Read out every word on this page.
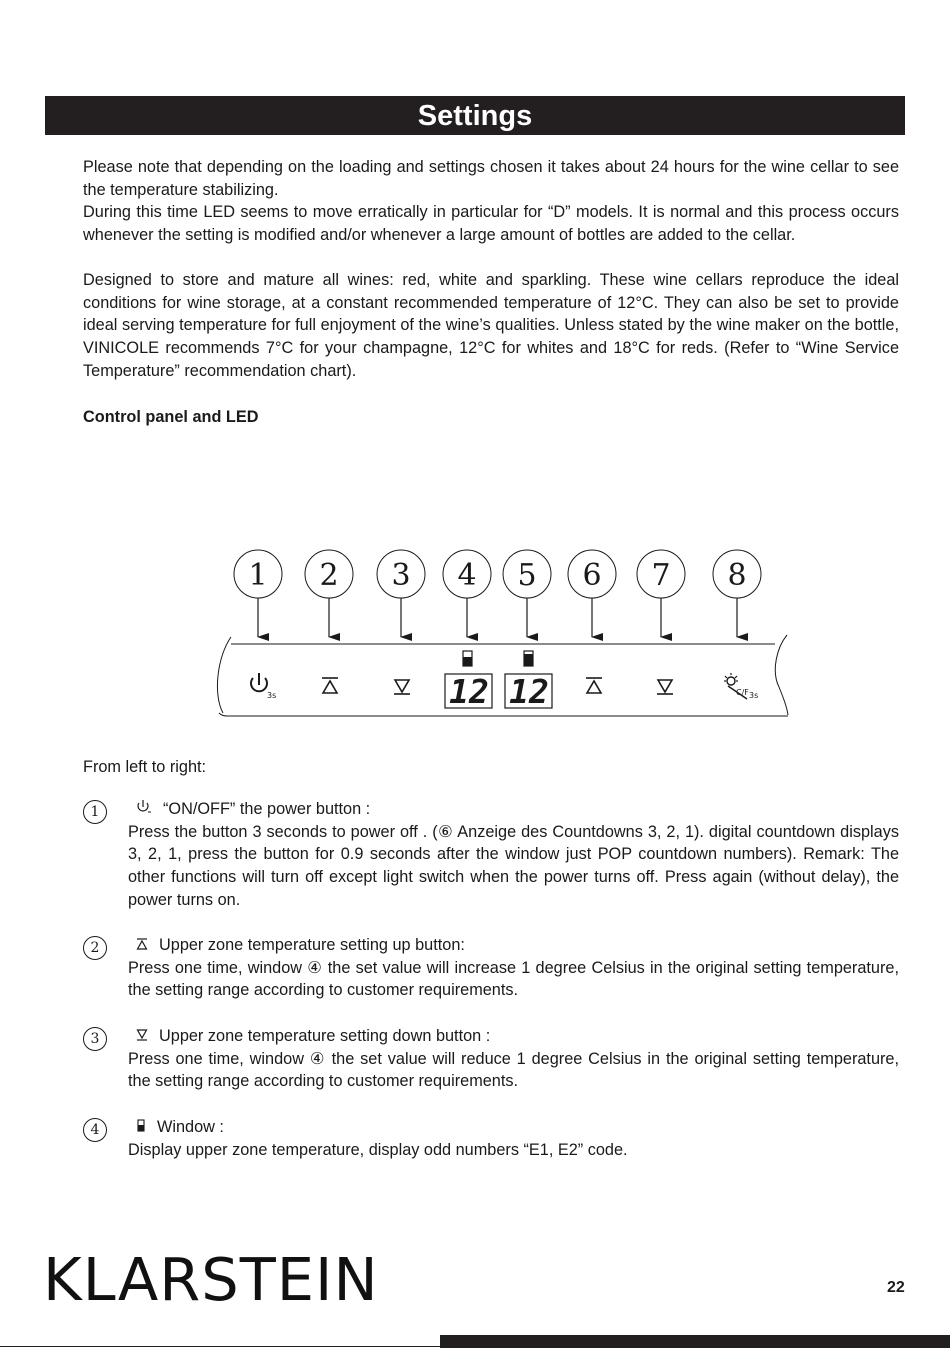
Settings

Please note that depending on the loading and settings chosen it takes about 24 hours for the wine cellar to see the temperature stabilizing.

During this time LED seems to move erratically in particular for “D” models. It is normal and this process occurs whenever the setting is modified and/or whenever a large amount of bottles are added to the cellar.

Designed to store and mature all wines: red, white and sparkling. These wine cellars reproduce the ideal conditions for wine storage, at a constant recommended temperature of 12°C. They can also be set to provide ideal serving temperature for full enjoyment of the wine’s qualities. Unless stated by the wine maker on the bottle, VINICOLE recommends 7°C for your champagne, 12°C for whites and 18°C for reds. (Refer to “Wine Service Temperature” recommendation chart).

Control panel and LED

1 2 3 4 5 6 7 8
3s	12 12	C/F 3s

From left to right:

1	“ON/OFF” the power button :

Press the button 3 seconds to power off . (⑥ Anzeige des Countdowns 3, 2, 1). digital countdown displays 3, 2, 1, press the button for 0.9 seconds after the window just POP countdown numbers). Remark: The other functions will turn off except light switch when the power turns off. Press again (without delay), the power turns on.

2	Upper zone temperature setting up button:

Press one time, window ④ the set value will increase 1 degree Celsius in the original setting temperature, the setting range according to customer requirements.

3	Upper zone temperature setting down button :

Press one time, window ④ the set value will reduce 1 degree Celsius in the original setting temperature, the setting range according to customer requirements.

4	Window :

Display upper zone temperature, display odd numbers “E1, E2” code.

KLARSTEIN	22
